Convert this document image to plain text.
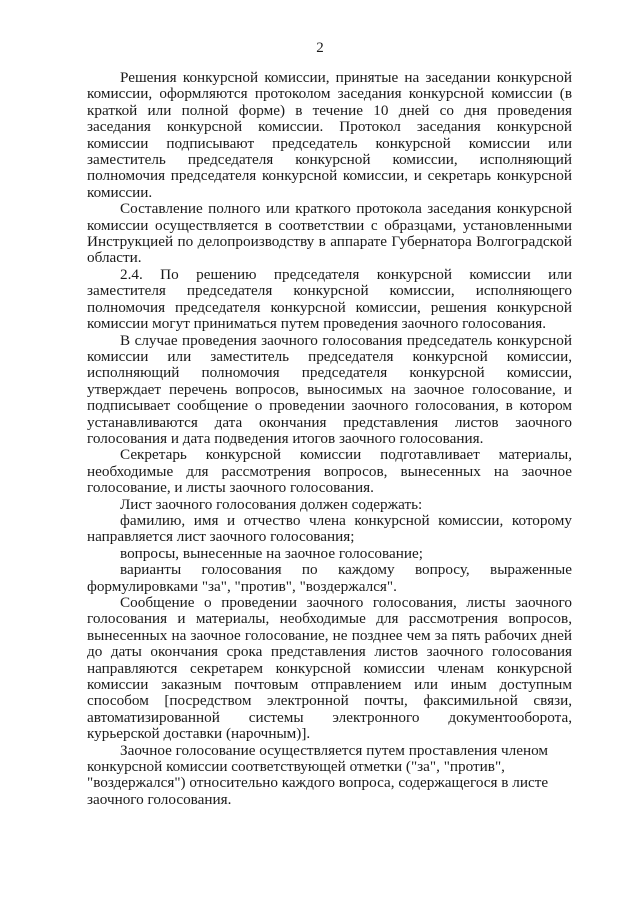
2

Решения конкурсной комиссии, принятые на заседании конкурсной комиссии, оформляются протоколом заседания конкурсной комиссии (в краткой или полной форме) в течение 10 дней со дня проведения заседания конкурсной комиссии. Протокол заседания конкурсной комиссии подписывают председатель конкурсной комиссии или заместитель председателя конкурсной комиссии, исполняющий полномочия председателя конкурсной комиссии, и секретарь конкурсной комиссии.

Составление полного или краткого протокола заседания конкурсной комиссии осуществляется в соответствии с образцами, установленными Инструкцией по делопроизводству в аппарате Губернатора Волгоградской области.

2.4. По решению председателя конкурсной комиссии или заместителя председателя конкурсной комиссии, исполняющего полномочия председателя конкурсной комиссии, решения конкурсной комиссии могут приниматься путем проведения заочного голосования.

В случае проведения заочного голосования председатель конкурсной комиссии или заместитель председателя конкурсной комиссии, исполняющий полномочия председателя конкурсной комиссии, утверждает перечень вопросов, выносимых на заочное голосование, и подписывает сообщение о проведении заочного голосования, в котором устанавливаются дата окончания представления листов заочного голосования и дата подведения итогов заочного голосования.

Секретарь конкурсной комиссии подготавливает материалы, необходимые для рассмотрения вопросов, вынесенных на заочное голосование, и листы заочного голосования.

Лист заочного голосования должен содержать:

фамилию, имя и отчество члена конкурсной комиссии, которому направляется лист заочного голосования;

вопросы, вынесенные на заочное голосование;

варианты голосования по каждому вопросу, выраженные формулировками "за", "против", "воздержался".

Сообщение о проведении заочного голосования, листы заочного голосования и материалы, необходимые для рассмотрения вопросов, вынесенных на заочное голосование, не позднее чем за пять рабочих дней до даты окончания срока представления листов заочного голосования направляются секретарем конкурсной комиссии членам конкурсной комиссии заказным почтовым отправлением или иным доступным способом [посредством электронной почты, факсимильной связи, автоматизированной системы электронного документооборота, курьерской доставки (нарочным)].

Заочное голосование осуществляется путем проставления членом конкурсной комиссии соответствующей отметки ("за", "против", "воздержался") относительно каждого вопроса, содержащегося в листе заочного голосования.
